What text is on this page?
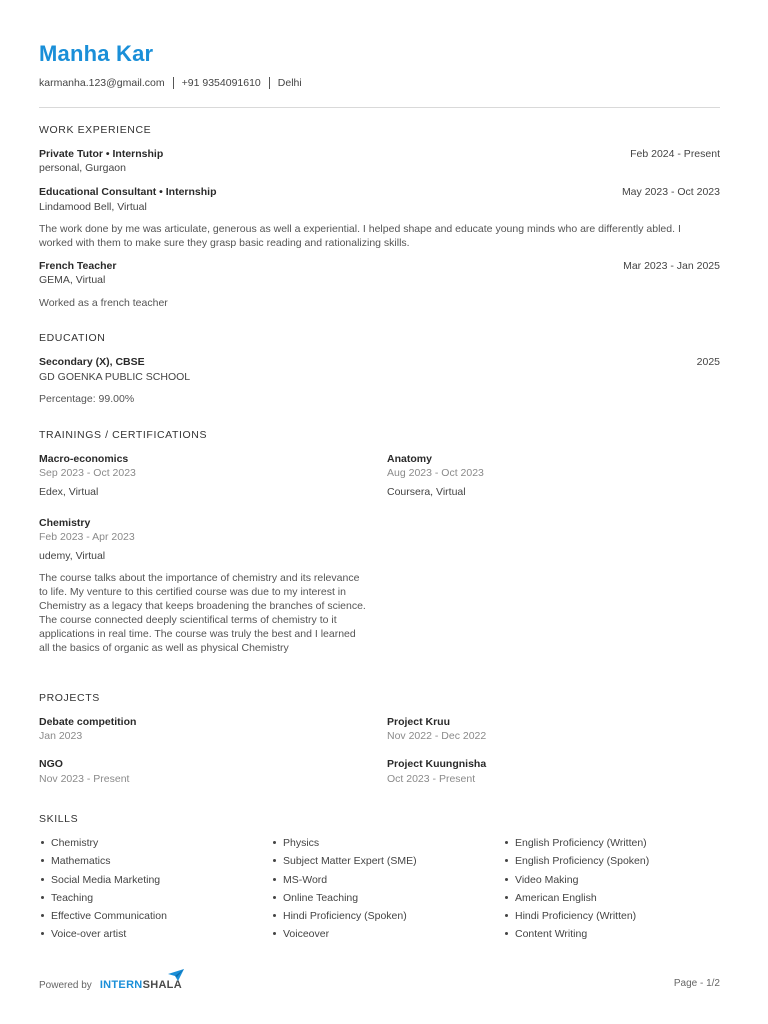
Manha Kar
karmanha.123@gmail.com +91 9354091610 Delhi
WORK EXPERIENCE
Private Tutor • Internship	Feb 2024 - Present
personal, Gurgaon
Educational Consultant • Internship	May 2023 - Oct 2023
Lindamood Bell, Virtual
The work done by me was articulate, generous as well a experiential. I helped shape and educate young minds who are differently abled. I worked with them to make sure they grasp basic reading and rationalizing skills.
French Teacher	Mar 2023 - Jan 2025
GEMA, Virtual
Worked as a french teacher
EDUCATION
Secondary (X), CBSE	2025
GD GOENKA PUBLIC SCHOOL
Percentage: 99.00%
TRAININGS / CERTIFICATIONS
Macro-economics
Sep 2023 - Oct 2023
Edex, Virtual
Anatomy
Aug 2023 - Oct 2023
Coursera, Virtual
Chemistry
Feb 2023 - Apr 2023
udemy, Virtual
The course talks about the importance of chemistry and its relevance to life. My venture to this certified course was due to my interest in Chemistry as a legacy that keeps broadening the branches of science. The course connected deeply scientifical terms of chemistry to it applications in real time. The course was truly the best and I learned all the basics of organic as well as physical Chemistry
PROJECTS
Debate competition
Jan 2023
Project Kruu
Nov 2022 - Dec 2022
NGO
Nov 2023 - Present
Project Kuungnisha
Oct 2023 - Present
SKILLS
Chemistry
Mathematics
Social Media Marketing
Teaching
Effective Communication
Voice-over artist
Physics
Subject Matter Expert (SME)
MS-Word
Online Teaching
Hindi Proficiency (Spoken)
Voiceover
English Proficiency (Written)
English Proficiency (Spoken)
Video Making
American English
Hindi Proficiency (Written)
Content Writing
Powered by INTERN SHALA	Page - 1/2
